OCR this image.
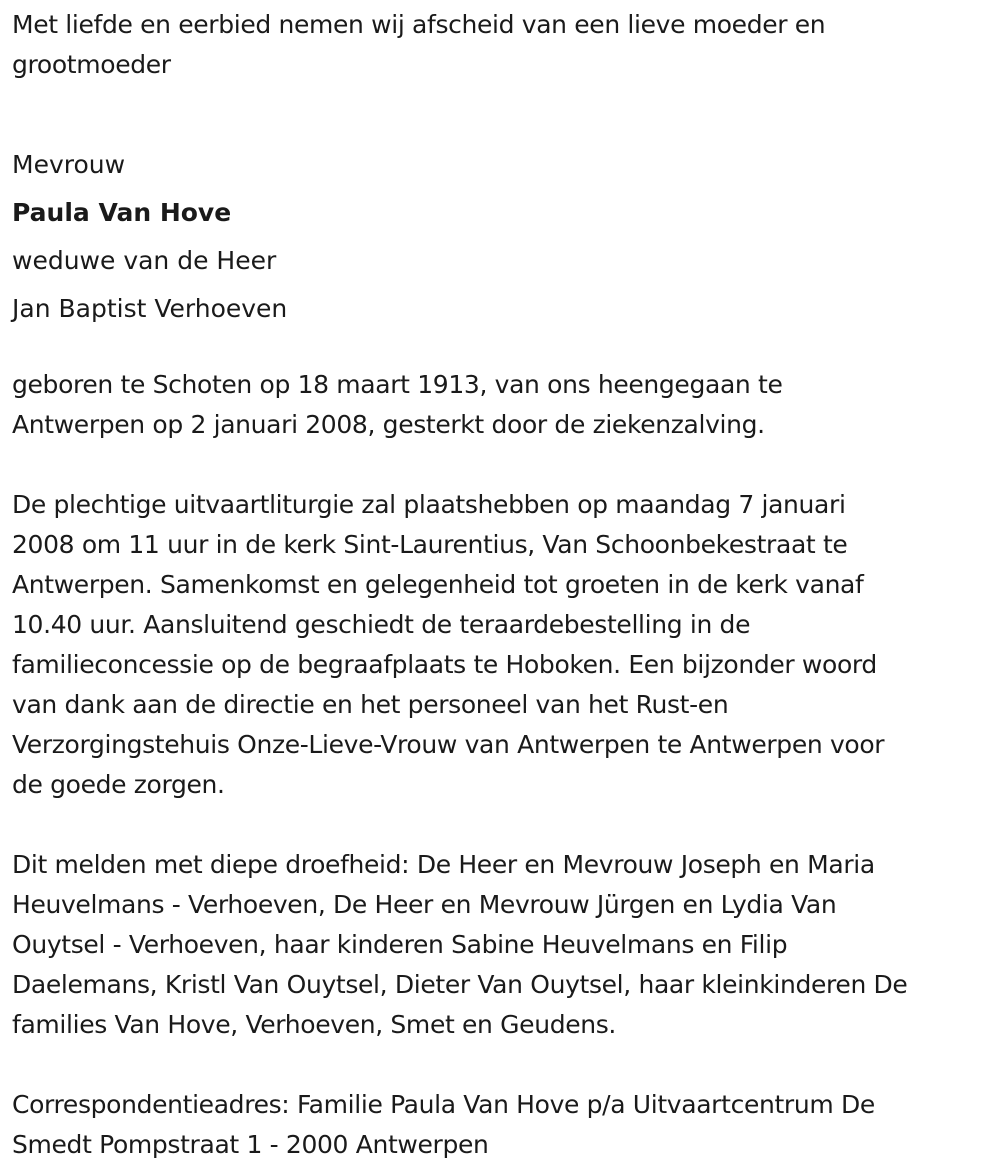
Met liefde en eerbied nemen wij afscheid van een lieve moeder en

grootmoeder

Mevrouw

Paula Van Hove

weduwe van de Heer

Jan Baptist Verhoeven

geboren te Schoten op 18 maart 1913, van ons heengegaan te

Antwerpen op 2 januari 2008, gesterkt door de ziekenzalving.

De plechtige uitvaartliturgie zal plaatshebben op maandag 7 januari

2008 om 11 uur in de kerk Sint-Laurentius, Van Schoonbekestraat te

Antwerpen. Samenkomst en gelegenheid tot groeten in de kerk vanaf

10.40 uur. Aansluitend geschiedt de teraardebestelling in de

familieconcessie op de begraafplaats te Hoboken. Een bijzonder woord

van dank aan de directie en het personeel van het Rust-en

Verzorgingstehuis Onze-Lieve-Vrouw van Antwerpen te Antwerpen voor

de goede zorgen.

Dit melden met diepe droefheid: De Heer en Mevrouw Joseph en Maria

Heuvelmans - Verhoeven, De Heer en Mevrouw Jürgen en Lydia Van

Ouytsel - Verhoeven, haar kinderen Sabine Heuvelmans en Filip

Daelemans, Kristl Van Ouytsel, Dieter Van Ouytsel, haar kleinkinderen De

families Van Hove, Verhoeven, Smet en Geudens.

Correspondentieadres: Familie Paula Van Hove p/a Uitvaartcentrum De

Smedt Pompstraat 1 - 2000 Antwerpen
